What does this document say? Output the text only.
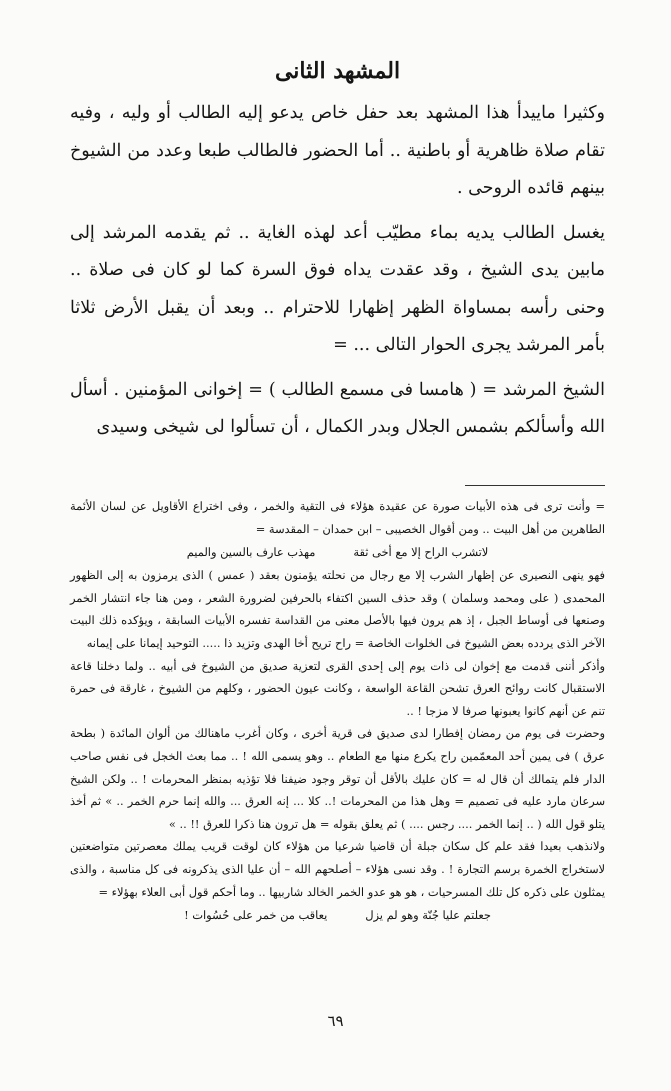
المشهد الثانى

وكثيرا ماييدأ هذا المشهد بعد حفل خاص يدعو إليه الطالب أو وليه ، وفيه تقام صلاة ظاهرية أو باطنية .. أما الحضور فالطالب طبعا وعدد من الشيوخ بينهم قائده الروحى .

يغسل الطالب يديه بماء مطيّب أعد لهذه الغاية .. ثم يقدمه المرشد إلى مابين يدى الشيخ ، وقد عقدت يداه فوق السرة كما لو كان فى صلاة .. وحنى رأسه بمساواة الظهر إظهارا للاحترام .. وبعد أن يقبل الأرض ثلاثا بأمر المرشد يجرى الحوار التالى ... =

الشيخ المرشد = ( هامسا فى مسمع الطالب ) = إخوانى المؤمنين . أسأل الله وأسألكم بشمس الجلال وبدر الكمال ، أن تسألوا لى شيخى وسيدى

= وأنت ترى فى هذه الأبيات صورة عن عقيدة هؤلاء فى التقية والخمر ، وفى اختراع الأقاويل عن لسان الأئمة الطاهرين من أهل البيت .. ومن أقوال الخصيبى – ابن حمدان – المقدسة =

لاتشرب الراح إلا مع أخى ثقة
مهذب عارف بالسين والميم

فهو ينهى النصيرى عن إظهار الشرب إلا مع رجال من نحلته يؤمنون بعقد ( عمس ) الذى يرمزون به إلى الظهور المحمدى ( على ومحمد وسلمان ) وقد حذف السين اكتفاء بالحرفين لضرورة الشعر ، ومن هنا جاء انتشار الخمر وصنعها فى أوساط الجبل ، إذ هم يرون فيها بالأصل معنى من القداسة تفسره الأبيات السابقة ، ويؤكده ذلك البيت الآخر الذى يردده بعض الشيوخ فى الخلوات الخاصة = راح تريح أخا الهدى وتزيد ذا ..... التوحيد إيمانا على إيمانه

وأذكر أننى قدمت مع إخوان لى ذات يوم إلى إحدى القرى لتعزية صديق من الشيوخ فى أبيه .. ولما دخلنا قاعة الاستقبال كانت روائح العرق تشحن القاعة الواسعة ، وكانت عيون الحضور ، وكلهم من الشيوخ ، غارقة فى حمرة تنم عن أنهم كانوا يعبونها صرفا لا مزجا ! ..

وحضرت فى يوم من رمضان إفطارا لدى صديق فى قرية أخرى ، وكان أغرب ماهنالك من ألوان المائدة ( بطحة عرق ) فى يمين أحد المعمّمين راح يكرع منها مع الطعام .. وهو يسمى الله ! .. مما بعث الخجل فى نفس صاحب الدار فلم يتمالك أن قال له = كان عليك بالأقل أن توقر وجود ضيفنا فلا تؤذيه بمنظر المحرمات ! .. ولكن الشيخ سرعان مارد عليه فى تصميم = وهل هذا من المحرمات !.. كلا ... إنه العرق ... والله إنما حرم الخمر .. » ثم أخذ يتلو قول الله ( .. إنما الخمر .... رجس .... ) ثم يعلق بقوله = هل ترون هنا ذكرا للعرق !! .. »

ولانذهب بعيدا فقد علم كل سكان جبلة أن قاضيا شرعيا من هؤلاء كان لوقت قريب يملك معصرتين متواضعتين لاستخراج الخمرة برسم التجارة ! . وقد نسى هؤلاء – أصلحهم الله – أن عليا الذى يذكرونه فى كل مناسبة ، والذى يمثلون على ذكره كل تلك المسرحيات ، هو هو عدو الخمر الخالد شاربيها .. وما أحكم قول أبى العلاء بهؤلاء =

جعلتم عليا جُنّة وهو لم يزل
يعاقب من خمر على حُسُوات !
٦٩
